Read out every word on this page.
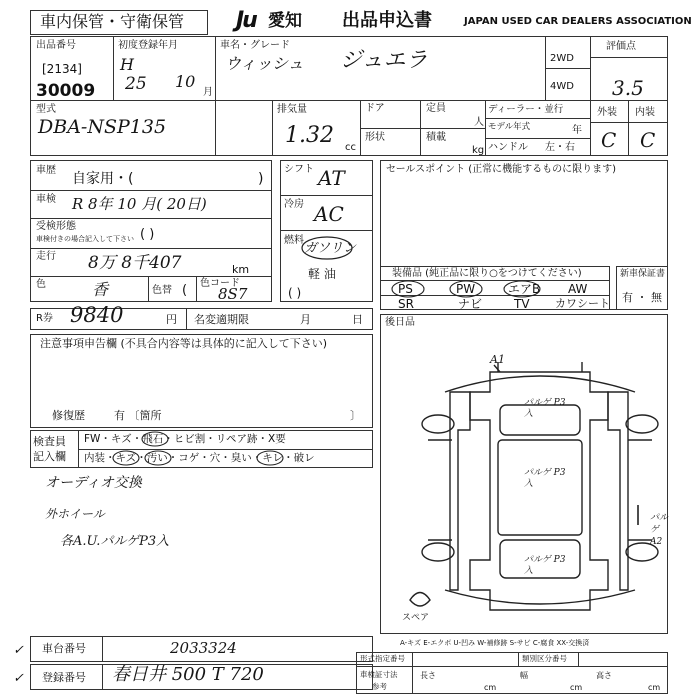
車内保管・守衛保管 Ju 愛知 出品申込書	JAPAN USED CAR DEALERS ASSOCIATION
出品番号
[2134]
30009
初度登録年月
H
25 10
月
車名・グレード
ウィッシュ ジュエラ	2WD
4WD
評価点
3.5
型式
DBA-NSP135
排気量
1.32 cc
ドア
形状
定員
人
積載
kg
ディーラー・並行
モデル年式	年
ハンドル 左・右
外装 内装
C C
車歴
自家用・(	)
車検 R 8年 10 月( 20日)
受検形態
車検付きの場合記入して下さい ( )
走行 8万 8千407	km
色	香	色替 ( 色コード
8S7
シフト AT
冷房 AC
燃料
ガソリン
軽 油
( )
セールスポイント (正常に機能するものに限ります)
装備品 (純正品に限り○をつけてください)
PS	PW	エアB AW
SR	ナビ	TV カワシート
新車保証書
有 ・ 無
R券 9840	円 名変適期限	月	日 後日品
注意事項申告欄 (不具合内容等は具体的に記入して下さい)
修復歴	有 〔箇所	〕
検査員記入欄
FW・キズ・飛石・ヒビ割・リペア跡・X要
内装・キズ・汚い・コゲ・穴・臭い・キレ・破レ
オーディオ交換
外ホイール
各A.U.パルゲP3入
A1
パルゲ P3入
パルゲ P3入
パルゲ P3入
パルゲ A2
スペア
車台番号	2033324
登録番号 春日井 500 T 720
✓
✓
A-キズ E-エクボ U-凹み W-補修跡 S-サビ C-腐食 XX-交換済
形式指定番号	類別区分番号
車検証寸法
参考
長さ	幅	高さ
cm	cm	cm
